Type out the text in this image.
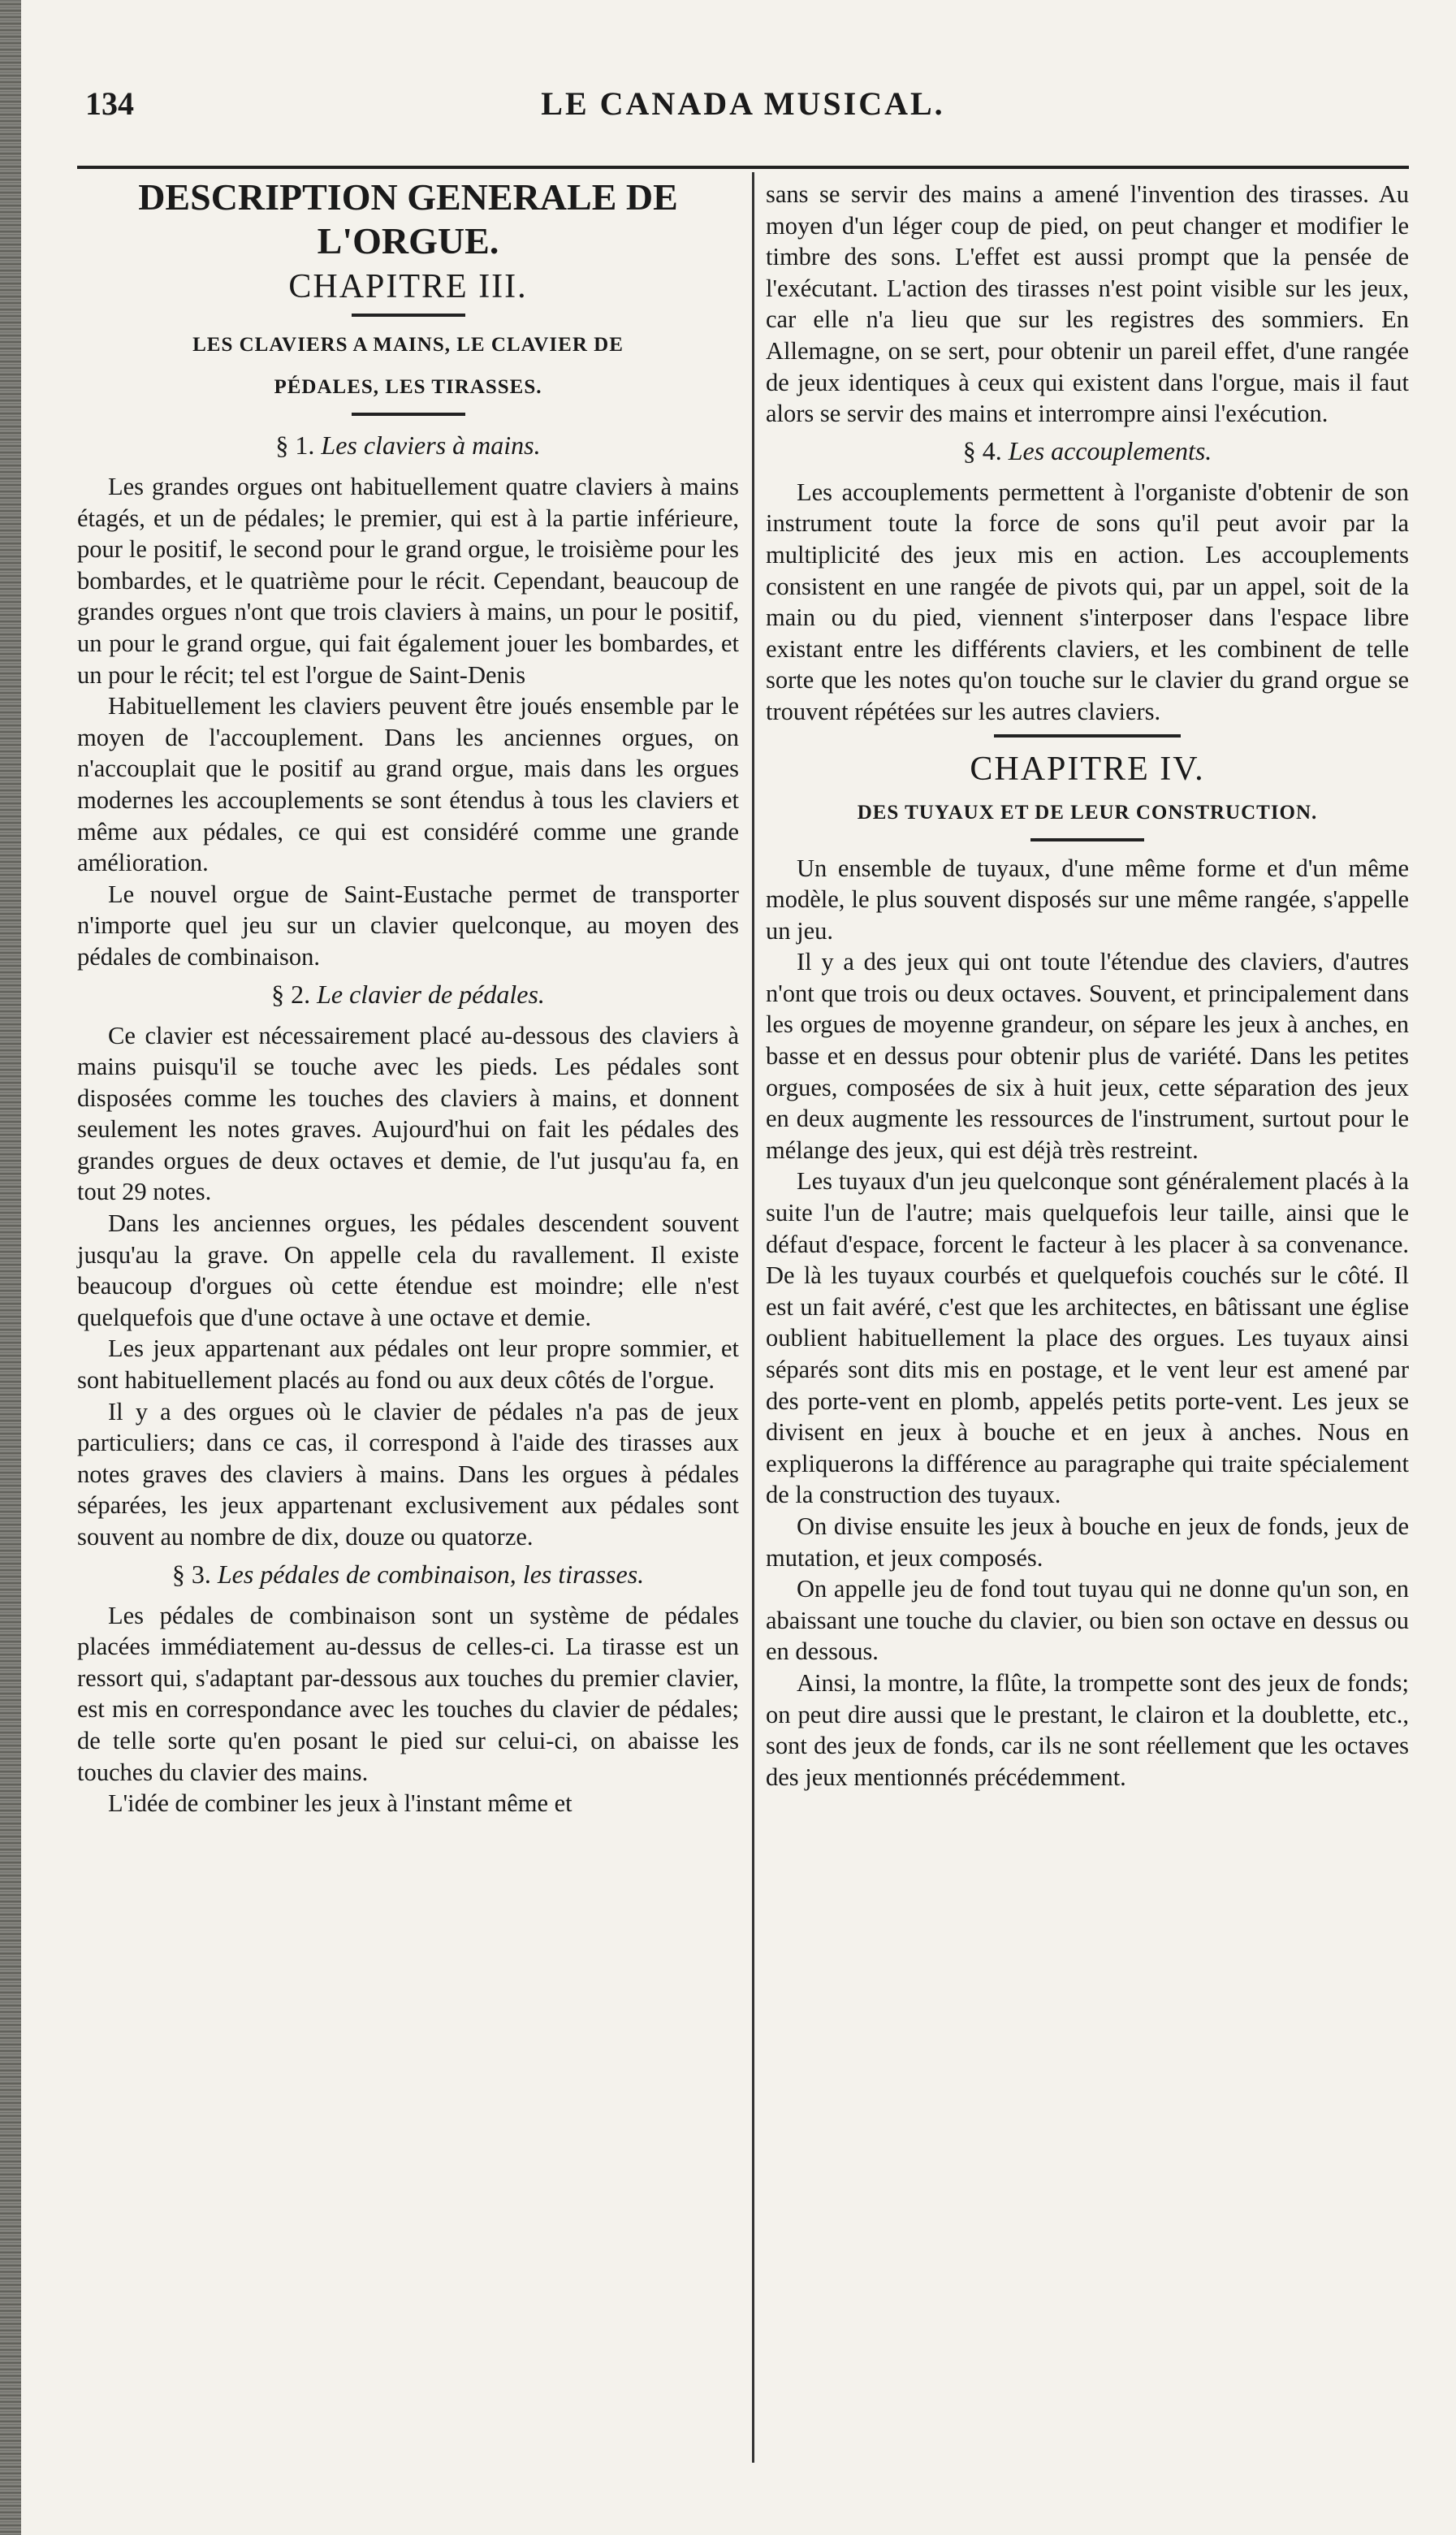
134	LE CANADA MUSICAL.
DESCRIPTION GENERALE DE
L'ORGUE.
CHAPITRE III.
LES CLAVIERS A MAINS, LE CLAVIER DE
PÉDALES, LES TIRASSES.
§ 1. Les claviers à mains.

Les grandes orgues ont habituellement quatre claviers à mains étagés, et un de pédales; le premier, qui est à la partie inférieure, pour le positif, le second pour le grand orgue, le troisième pour les bombardes, et le quatrième pour le récit. Cependant, beaucoup de grandes orgues n'ont que trois claviers à mains, un pour le positif, un pour le grand orgue, qui fait également jouer les bombardes, et un pour le récit; tel est l'orgue de Saint-Denis

Habituellement les claviers peuvent être joués ensemble par le moyen de l'accouplement. Dans les anciennes orgues, on n'accouplait que le positif au grand orgue, mais dans les orgues modernes les accouplements se sont étendus à tous les claviers et même aux pédales, ce qui est considéré comme une grande amélioration.

Le nouvel orgue de Saint-Eustache permet de transporter n'importe quel jeu sur un clavier quelconque, au moyen des pédales de combinaison.

§ 2. Le clavier de pédales.

Ce clavier est nécessairement placé au-dessous des claviers à mains puisqu'il se touche avec les pieds. Les pédales sont disposées comme les touches des claviers à mains, et donnent seulement les notes graves. Aujourd'hui on fait les pédales des grandes orgues de deux octaves et demie, de l'ut jusqu'au fa, en tout 29 notes.

Dans les anciennes orgues, les pédales descendent souvent jusqu'au la grave. On appelle cela du ravallement. Il existe beaucoup d'orgues où cette étendue est moindre; elle n'est quelquefois que d'une octave à une octave et demie.

Les jeux appartenant aux pédales ont leur propre sommier, et sont habituellement placés au fond ou aux deux côtés de l'orgue.

Il y a des orgues où le clavier de pédales n'a pas de jeux particuliers; dans ce cas, il correspond à l'aide des tirasses aux notes graves des claviers à mains. Dans les orgues à pédales séparées, les jeux appartenant exclusivement aux pédales sont souvent au nombre de dix, douze ou quatorze.

§ 3. Les pédales de combinaison, les tirasses.

Les pédales de combinaison sont un système de pédales placées immédiatement au-dessus de celles-ci. La tirasse est un ressort qui, s'adaptant par-dessous aux touches du premier clavier, est mis en correspondance avec les touches du clavier de pédales; de telle sorte qu'en posant le pied sur celui-ci, on abaisse les touches du clavier des mains.

L'idée de combiner les jeux à l'instant même et

sans se servir des mains a amené l'invention des tirasses. Au moyen d'un léger coup de pied, on peut changer et modifier le timbre des sons. L'effet est aussi prompt que la pensée de l'exécutant. L'action des tirasses n'est point visible sur les jeux, car elle n'a lieu que sur les registres des sommiers. En Allemagne, on se sert, pour obtenir un pareil effet, d'une rangée de jeux identiques à ceux qui existent dans l'orgue, mais il faut alors se servir des mains et interrompre ainsi l'exécution.

§ 4. Les accouplements.

Les accouplements permettent à l'organiste d'obtenir de son instrument toute la force de sons qu'il peut avoir par la multiplicité des jeux mis en action. Les accouplements consistent en une rangée de pivots qui, par un appel, soit de la main ou du pied, viennent s'interposer dans l'espace libre existant entre les différents claviers, et les combinent de telle sorte que les notes qu'on touche sur le clavier du grand orgue se trouvent répétées sur les autres claviers.

CHAPITRE IV.
DES TUYAUX ET DE LEUR CONSTRUCTION.

Un ensemble de tuyaux, d'une même forme et d'un même modèle, le plus souvent disposés sur une même rangée, s'appelle un jeu.

Il y a des jeux qui ont toute l'étendue des claviers, d'autres n'ont que trois ou deux octaves. Souvent, et principalement dans les orgues de moyenne grandeur, on sépare les jeux à anches, en basse et en dessus pour obtenir plus de variété. Dans les petites orgues, composées de six à huit jeux, cette séparation des jeux en deux augmente les ressources de l'instrument, surtout pour le mélange des jeux, qui est déjà très restreint.

Les tuyaux d'un jeu quelconque sont généralement placés à la suite l'un de l'autre; mais quelquefois leur taille, ainsi que le défaut d'espace, forcent le facteur à les placer à sa convenance. De là les tuyaux courbés et quelquefois couchés sur le côté. Il est un fait avéré, c'est que les architectes, en bâtissant une église oublient habituellement la place des orgues. Les tuyaux ainsi séparés sont dits mis en postage, et le vent leur est amené par des porte-vent en plomb, appelés petits porte-vent. Les jeux se divisent en jeux à bouche et en jeux à anches. Nous en expliquerons la différence au paragraphe qui traite spécialement de la construction des tuyaux.

On divise ensuite les jeux à bouche en jeux de fonds, jeux de mutation, et jeux composés.

On appelle jeu de fond tout tuyau qui ne donne qu'un son, en abaissant une touche du clavier, ou bien son octave en dessus ou en dessous.

Ainsi, la montre, la flûte, la trompette sont des jeux de fonds; on peut dire aussi que le prestant, le clairon et la doublette, etc., sont des jeux de fonds, car ils ne sont réellement que les octaves des jeux mentionnés précédemment.
